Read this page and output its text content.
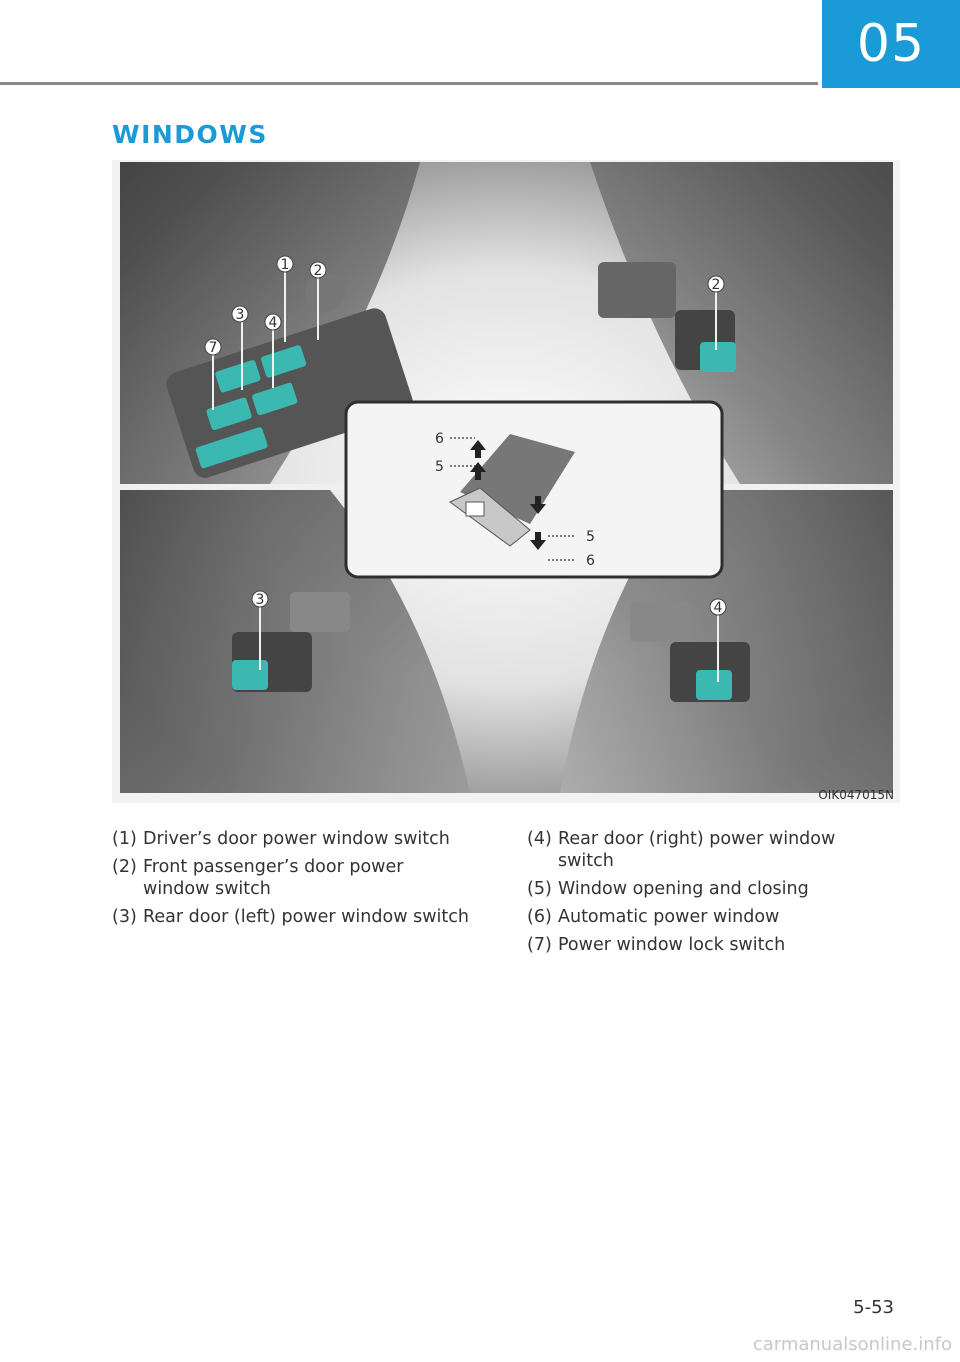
05
WINDOWS
1 2
3 4
7
2
3	4
6
5
5
6
OIK047015N
(1) Driver’s door power window switch
(2) Front passenger’s door power window switch
(3) Rear door (left) power window switch
(4) Rear door (right) power window switch
(5) Window opening and closing
(6) Automatic power window
(7) Power window lock switch
5-53
carmanualsonline.info
